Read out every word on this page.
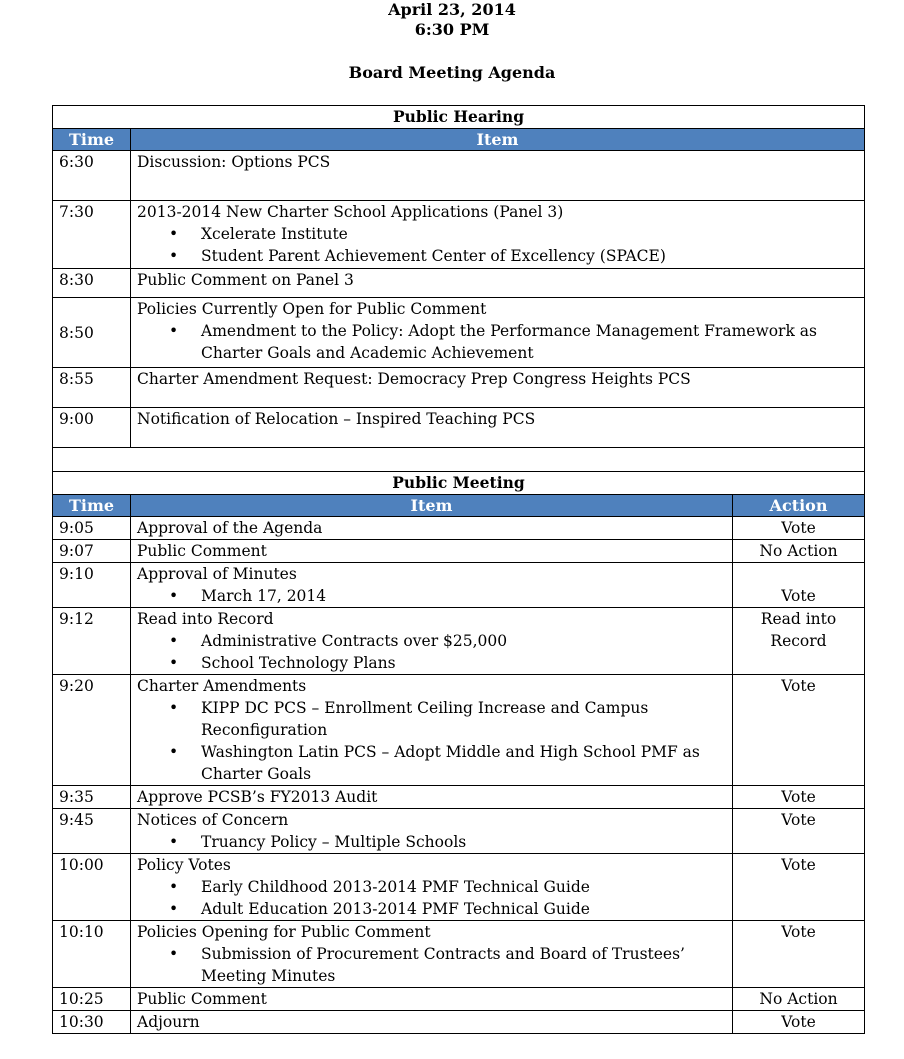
April 23, 2014
6:30 PM
Board Meeting Agenda
Public Hearing		
Time	Item	
6:30	Discussion: Options PCS	

7:30	2013-2014 New Charter School Applications (Panel 3)
• Xcelerate Institute
• Student Parent Achievement Center of Excellency (SPACE)

8:30	Public Comment on Panel 3	

8:50	Policies Currently Open for Public Comment
• Amendment to the Policy: Adopt the Performance Management Framework as Charter Goals and Academic Achievement

8:55	Charter Amendment Request: Democracy Prep Congress Heights PCS	

9:00	Notification of Relocation – Inspired Teaching PCS	

Public Meeting		
Time	Item	Action
9:05	Approval of the Agenda	Vote
9:07	Public Comment	No Action
9:10	Approval of Minutes
• March 17, 2014	Vote
9:12	Read into Record
• Administrative Contracts over $25,000
• School Technology Plans	Read into Record
9:20	Charter Amendments
• KIPP DC PCS – Enrollment Ceiling Increase and Campus Reconfiguration
• Washington Latin PCS – Adopt Middle and High School PMF as Charter Goals	Vote
9:35	Approve PCSB’s FY2013 Audit	Vote
9:45	Notices of Concern
• Truancy Policy – Multiple Schools	Vote
10:00	Policy Votes
• Early Childhood 2013-2014 PMF Technical Guide
• Adult Education 2013-2014 PMF Technical Guide	Vote
10:10	Policies Opening for Public Comment
• Submission of Procurement Contracts and Board of Trustees’ Meeting Minutes	Vote
10:25	Public Comment	No Action
10:30	Adjourn	Vote
